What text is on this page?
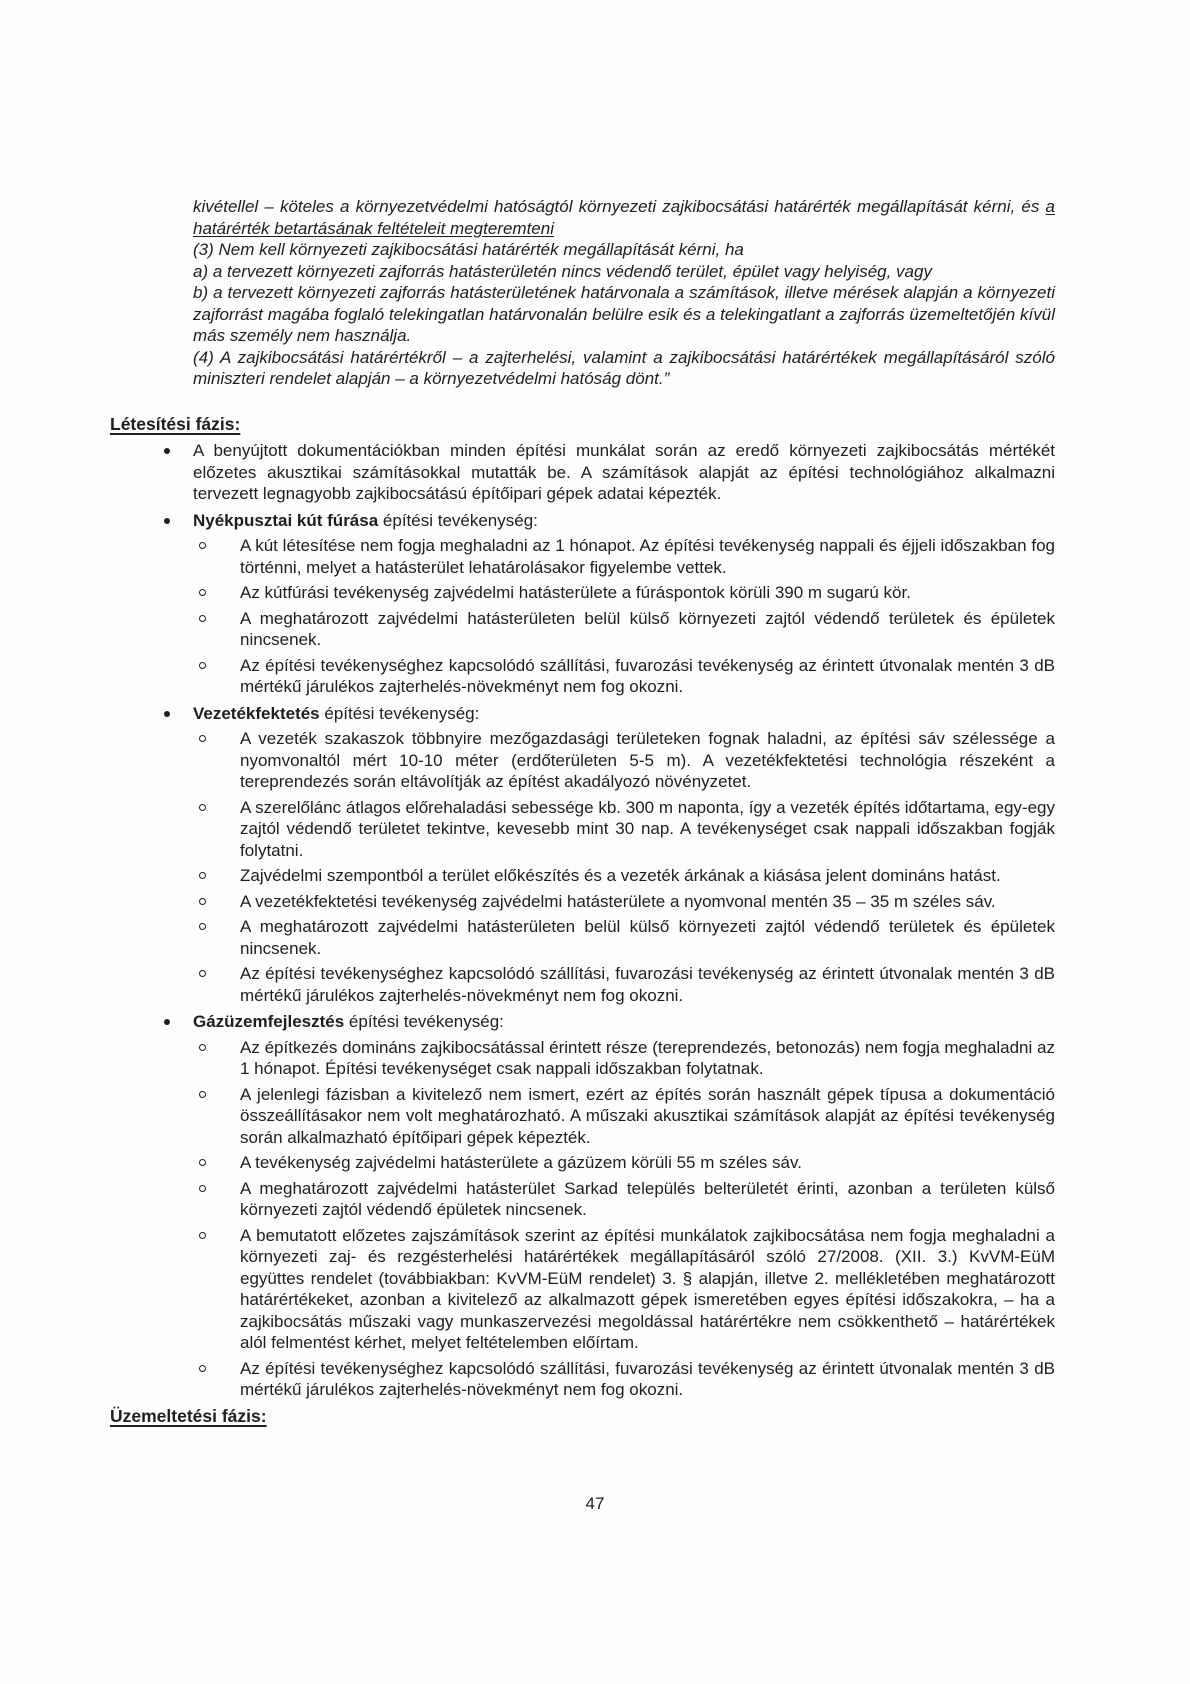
kivétellel – köteles a környezetvédelmi hatóságtól környezeti zajkibocsátási határérték megállapítását kérni, és a határérték betartásának feltételeit megteremteni

(3) Nem kell környezeti zajkibocsátási határérték megállapítását kérni, ha

a) a tervezett környezeti zajforrás hatásterületén nincs védendő terület, épület vagy helyiség, vagy

b) a tervezett környezeti zajforrás hatásterületének határvonala a számítások, illetve mérések alapján a környezeti zajforrást magába foglaló telekingatlan határvonalán belülre esik és a telekingatlant a zajforrás üzemeltetőjén kívül más személy nem használja.

(4) A zajkibocsátási határértékről – a zajterhelési, valamint a zajkibocsátási határértékek megállapításáról szóló miniszteri rendelet alapján – a környezetvédelmi hatóság dönt.”

Létesítési fázis:
A benyújtott dokumentációkban minden építési munkálat során az eredő környezeti zajkibocsátás mértékét előzetes akusztikai számításokkal mutatták be. A számítások alapját az építési technológiához alkalmazni tervezett legnagyobb zajkibocsátású építőipari gépek adatai képezték.
Nyékpusztai kút fúrása építési tevékenység:
A kút létesítése nem fogja meghaladni az 1 hónapot. Az építési tevékenység nappali és éjjeli időszakban fog történni, melyet a hatásterület lehatárolásakor figyelembe vettek.
Az kútfúrási tevékenység zajvédelmi hatásterülete a fúráspontok körüli 390 m sugarú kör.
A meghatározott zajvédelmi hatásterületen belül külső környezeti zajtól védendő területek és épületek nincsenek.
Az építési tevékenységhez kapcsolódó szállítási, fuvarozási tevékenység az érintett útvonalak mentén 3 dB mértékű járulékos zajterhelés-növekményt nem fog okozni.
Vezetékfektetés építési tevékenység:
A vezeték szakaszok többnyire mezőgazdasági területeken fognak haladni, az építési sáv szélessége a nyomvonaltól mért 10-10 méter (erdőterületen 5-5 m). A vezetékfektetési technológia részeként a tereprendezés során eltávolítják az építést akadályozó növényzetet.
A szerelőlánc átlagos előrehaladási sebessége kb. 300 m naponta, így a vezeték építés időtartama, egy-egy zajtól védendő területet tekintve, kevesebb mint 30 nap. A tevékenységet csak nappali időszakban fogják folytatni.
Zajvédelmi szempontból a terület előkészítés és a vezeték árkának a kiásása jelent domináns hatást.
A vezetékfektetési tevékenység zajvédelmi hatásterülete a nyomvonal mentén 35 – 35 m széles sáv.
A meghatározott zajvédelmi hatásterületen belül külső környezeti zajtól védendő területek és épületek nincsenek.
Az építési tevékenységhez kapcsolódó szállítási, fuvarozási tevékenység az érintett útvonalak mentén 3 dB mértékű járulékos zajterhelés-növekményt nem fog okozni.
Gázüzemfejlesztés építési tevékenység:
Az építkezés domináns zajkibocsátással érintett része (tereprendezés, betonozás) nem fogja meghaladni az 1 hónapot. Építési tevékenységet csak nappali időszakban folytatnak.
A jelenlegi fázisban a kivitelező nem ismert, ezért az építés során használt gépek típusa a dokumentáció összeállításakor nem volt meghatározható. A műszaki akusztikai számítások alapját az építési tevékenység során alkalmazható építőipari gépek képezték.
A tevékenység zajvédelmi hatásterülete a gázüzem körüli 55 m széles sáv.
A meghatározott zajvédelmi hatásterület Sarkad település belterületét érinti, azonban a területen külső környezeti zajtól védendő épületek nincsenek.
A bemutatott előzetes zajszámítások szerint az építési munkálatok zajkibocsátása nem fogja meghaladni a környezeti zaj- és rezgésterhelési határértékek megállapításáról szóló 27/2008. (XII. 3.) KvVM-EüM együttes rendelet (továbbiakban: KvVM-EüM rendelet) 3. § alapján, illetve 2. mellékletében meghatározott határértékeket, azonban a kivitelező az alkalmazott gépek ismeretében egyes építési időszakokra, – ha a zajkibocsátás műszaki vagy munkaszervezési megoldással határértékre nem csökkenthető – határértékek alól felmentést kérhet, melyet feltételemben előírtam.
Az építési tevékenységhez kapcsolódó szállítási, fuvarozási tevékenység az érintett útvonalak mentén 3 dB mértékű járulékos zajterhelés-növekményt nem fog okozni.
Üzemeltetési fázis:
47
